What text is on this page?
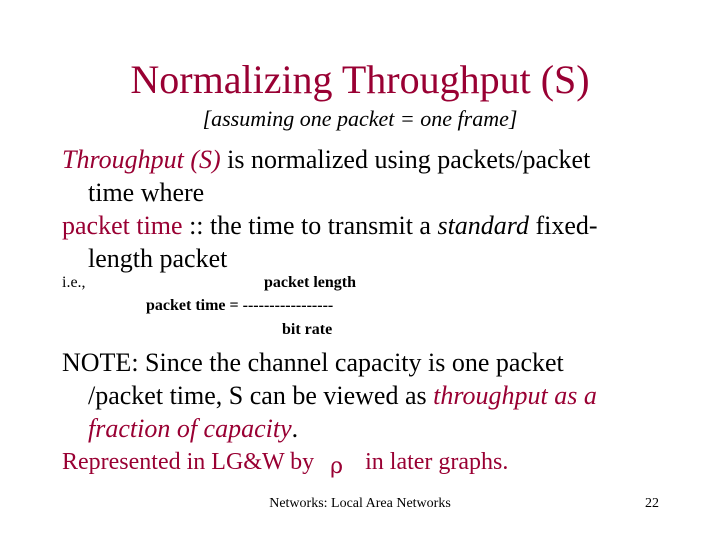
Normalizing Throughput (S)
[assuming one packet = one frame]
Throughput (S) is normalized using packets/packet
time where
packet time :: the time to transmit a standard fixed-
length packet
i.e.,	packet length
packet time = -----------------
bit rate
NOTE: Since the channel capacity is one packet
/packet time, S can be viewed as throughput as a
fraction of capacity.
Represented in LG&W by ρ in later graphs.
Networks: Local Area Networks	22
